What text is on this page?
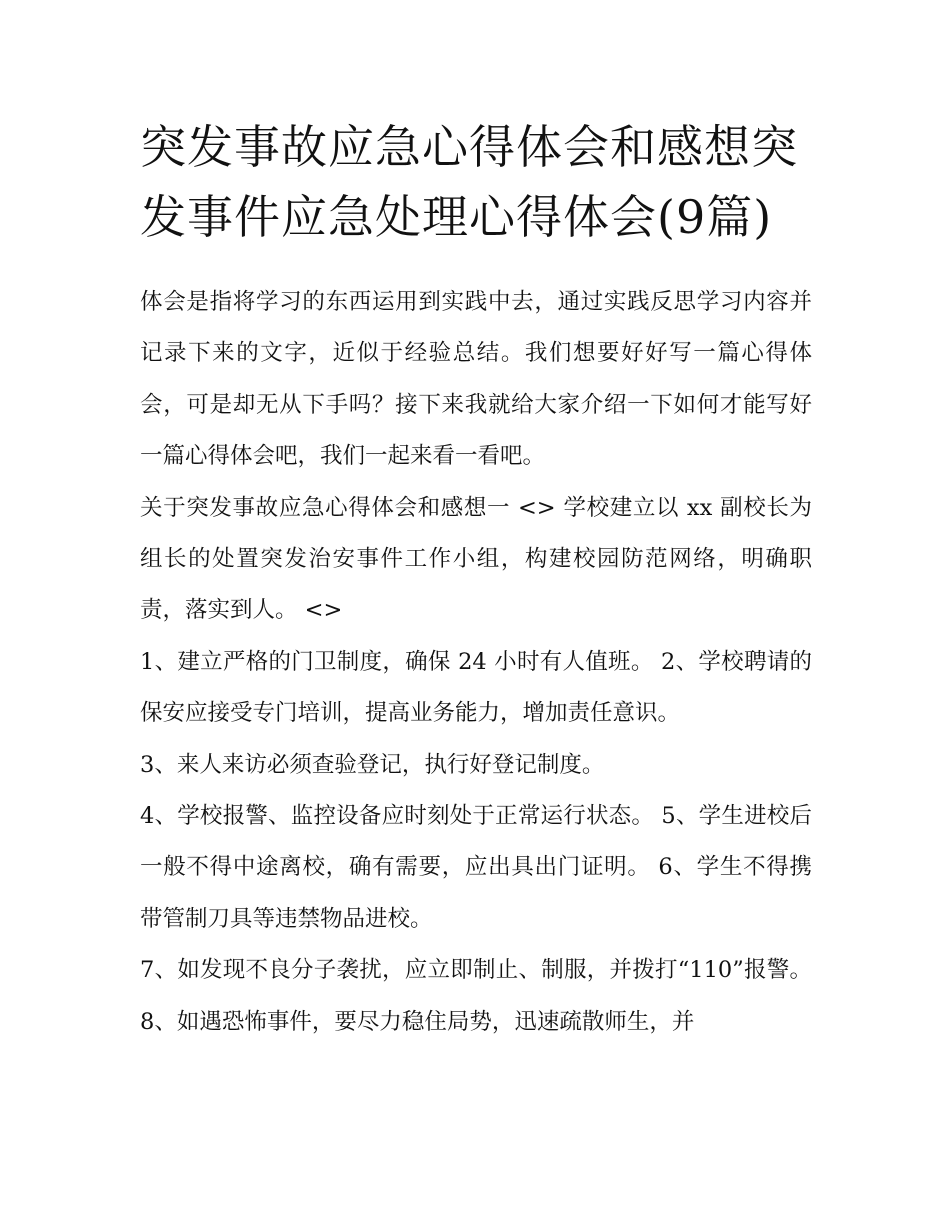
突发事故应急心得体会和感想突发事件应急处理心得体会(9篇)

体会是指将学习的东西运用到实践中去，通过实践反思学习内容并记录下来的文字，近似于经验总结。我们想要好好写一篇心得体会，可是却无从下手吗？接下来我就给大家介绍一下如何才能写好一篇心得体会吧，我们一起来看一看吧。

关于突发事故应急心得体会和感想一 <> 学校建立以 xx 副校长为组长的处置突发治安事件工作小组，构建校园防范网络，明确职责，落实到人。 <>

1、建立严格的门卫制度，确保 24 小时有人值班。 2、学校聘请的保安应接受专门培训，提高业务能力，增加责任意识。

3、来人来访必须查验登记，执行好登记制度。

4、学校报警、监控设备应时刻处于正常运行状态。 5、学生进校后一般不得中途离校，确有需要，应出具出门证明。 6、学生不得携带管制刀具等违禁物品进校。

7、如发现不良分子袭扰，应立即制止、制服，并拨打“110”报警。 8、如遇恐怖事件，要尽力稳住局势，迅速疏散师生，并
